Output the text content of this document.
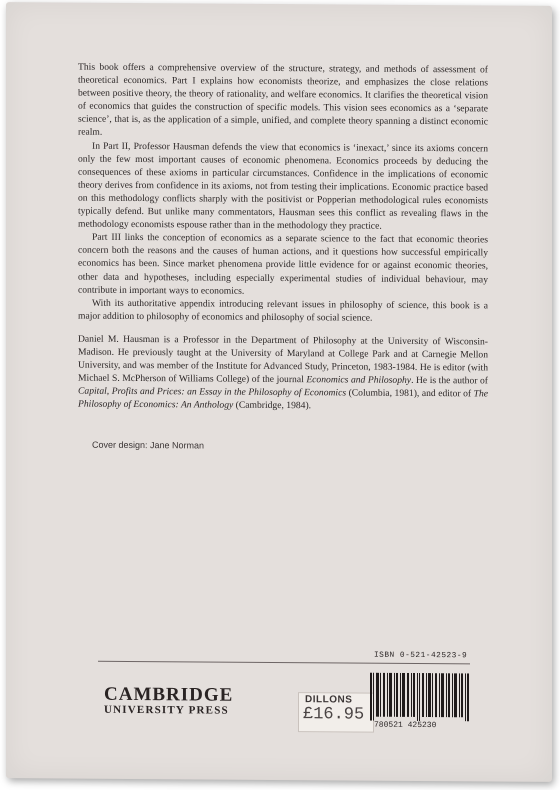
This book offers a comprehensive overview of the structure, strategy, and methods of assessment of theoretical economics. Part I explains how economists theorize, and emphasizes the close relations between positive theory, the theory of rationality, and welfare economics. It clarifies the theoretical vision of economics that guides the construction of specific models. This vision sees economics as a ‘separate science’, that is, as the application of a simple, unified, and complete theory spanning a distinct economic realm.

In Part II, Professor Hausman defends the view that economics is ‘inexact,’ since its axioms concern only the few most important causes of economic phenomena. Economics proceeds by deducing the consequences of these axioms in particular circumstances. Confidence in the implications of economic theory derives from confidence in its axioms, not from testing their implications. Economic practice based on this methodology conflicts sharply with the positivist or Popperian methodological rules economists typically defend. But unlike many commentators, Hausman sees this conflict as revealing flaws in the methodology economists espouse rather than in the methodology they practice.

Part III links the conception of economics as a separate science to the fact that economic theories concern both the reasons and the causes of human actions, and it questions how successful empirically economics has been. Since market phenomena provide little evidence for or against economic theories, other data and hypotheses, including especially experimental studies of individual behaviour, may contribute in important ways to economics.

With its authoritative appendix introducing relevant issues in philosophy of science, this book is a major addition to philosophy of economics and philosophy of social science.

Daniel M. Hausman is a Professor in the Department of Philosophy at the University of Wisconsin-Madison. He previously taught at the University of Maryland at College Park and at Carnegie Mellon University, and was member of the Institute for Advanced Study, Princeton, 1983-1984. He is editor (with Michael S. McPherson of Williams College) of the journal Economics and Philosophy. He is the author of Capital, Profits and Prices: an Essay in the Philosophy of Economics (Columbia, 1981), and editor of The Philosophy of Economics: An Anthology (Cambridge, 1984).

Cover design: Jane Norman
ISBN 0-521-42523-9
CAMBRIDGE
UNIVERSITY PRESS
DILLONS
£16.95
780521 425230
